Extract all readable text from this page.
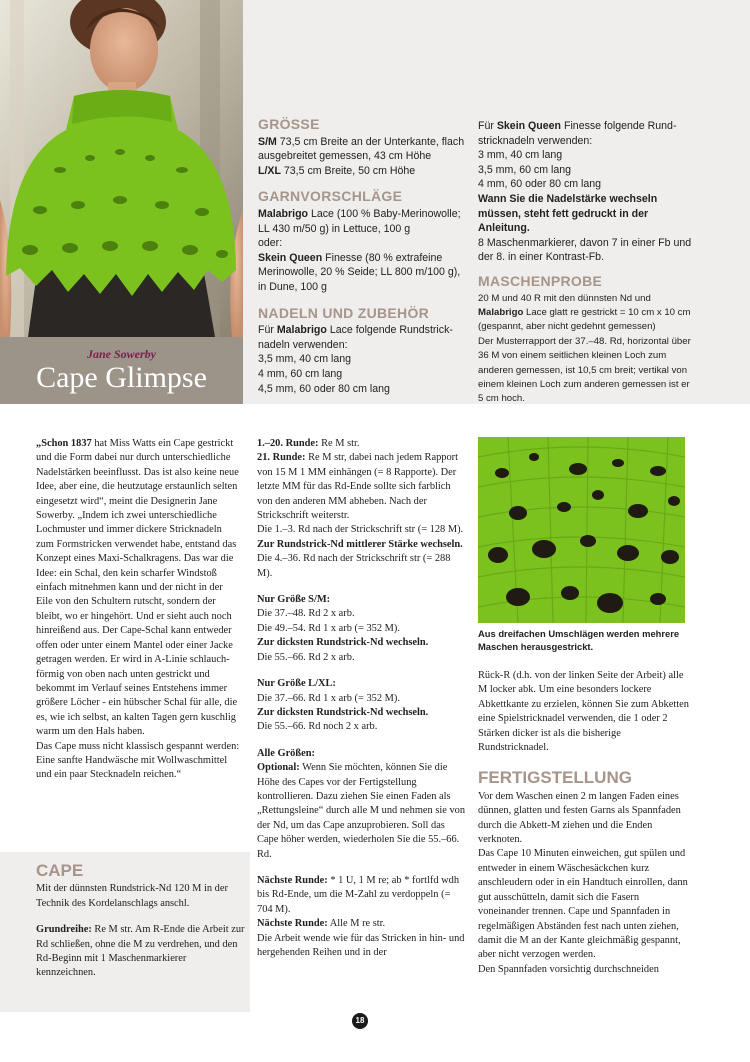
Jane Sowerby
Cape Glimpse
GRÖSSE

S/M 73,5 cm Breite an der Unterkante, flach ausgebreitet gemessen, 43 cm Höhe

L/XL 73,5 cm Breite, 50 cm Höhe

GARNVORSCHLÄGE

Malabrigo Lace (100 % Baby-Merinowolle; LL 430 m/50 g) in Lettuce, 100 g

oder:

Skein Queen Finesse (80 % extrafeine Merinowolle, 20 % Seide; LL 800 m/100 g), in Dune, 100 g

NADELN UND ZUBEHÖR

Für Malabrigo Lace folgende Rundstricknadeln verwenden:

3,5 mm, 40 cm lang

4 mm, 60 cm lang

4,5 mm, 60 oder 80 cm lang

Für Skein Queen Finesse folgende Rundstricknadeln verwenden:

3 mm, 40 cm lang

3,5 mm, 60 cm lang

4 mm, 60 oder 80 cm lang

Wann Sie die Nadelstärke wechseln müssen, steht fett gedruckt in der Anleitung.

8 Maschenmarkierer, davon 7 in einer Fb und der 8. in einer Kontrast-Fb.

MASCHENPROBE

20 M und 40 R mit den dünnsten Nd und

Malabrigo Lace glatt re gestrickt = 10 cm x 10 cm (gespannt, aber nicht gedehnt gemessen)

Der Musterrapport der 37.–48. Rd, horizontal über 36 M von einem seitlichen kleinen Loch zum anderen gemessen, ist 10,5 cm breit; vertikal von einem kleinen Loch zum anderen gemessen ist er 5 cm hoch.

„Schon 1837 hat Miss Watts ein Cape gestrickt und die Form dabei nur durch unterschiedliche Nadelstärken beeinflusst. Das ist also keine neue Idee, aber eine, die heutzutage erstaunlich selten eingesetzt wird“, meint die Designerin Jane Sowerby. „Indem ich zwei unterschiedliche Lochmuster und immer dickere Stricknadeln zum Formstricken verwendet habe, entstand das Konzept eines Maxi-Schalkragens. Das war die Idee: ein Schal, den kein scharfer Windstoß einfach mitnehmen kann und der nicht in der Eile von den Schultern rutscht, sondern der bleibt, wo er hingehört. Und er sieht auch noch hinreißend aus. Der Cape-Schal kann entweder offen oder unter einem Mantel oder einer Jacke getragen werden. Er wird in A-Linie schlauchförmig von oben nach unten gestrickt und bekommt im Verlauf seines Entstehens immer größere Löcher - ein hübscher Schal für alle, die es, wie ich selbst, an kalten Tagen gern kuschlig warm um den Hals haben.

Das Cape muss nicht klassisch gespannt werden: Eine sanfte Handwäsche mit Wollwaschmittel und ein paar Stecknadeln reichen.“

CAPE

Mit der dünnsten Rundstrick-Nd 120 M in der Technik des Kordelanschlags anschl.

Grundreihe: Re M str. Am R-Ende die Arbeit zur Rd schließen, ohne die M zu verdrehen, und den Rd-Beginn mit 1 Maschenmarkierer kennzeichnen.

1.–20. Runde: Re M str.

21. Runde: Re M str, dabei nach jedem Rapport von 15 M 1 MM einhängen (= 8 Rapporte). Der letzte MM für das Rd-Ende sollte sich farblich von den anderen MM abheben. Nach der Strickschrift weiterstr.

Die 1.–3. Rd nach der Strickschrift str (= 128 M).

Zur Rundstrick-Nd mittlerer Stärke wechseln.

Die 4.–36. Rd nach der Strickschrift str (= 288 M).

Nur Größe S/M:

Die 37.–48. Rd 2 x arb.

Die 49.–54. Rd 1 x arb (= 352 M).

Zur dicksten Rundstrick-Nd wechseln.

Die 55.–66. Rd 2 x arb.

Nur Größe L/XL:

Die 37.–66. Rd 1 x arb (= 352 M).

Zur dicksten Rundstrick-Nd wechseln.

Die 55.–66. Rd noch 2 x arb.

Alle Größen:

Optional: Wenn Sie möchten, können Sie die Höhe des Capes vor der Fertigstellung kontrollieren. Dazu ziehen Sie einen Faden als „Rettungsleine“ durch alle M und nehmen sie von der Nd, um das Cape anzuprobieren. Soll das Cape höher werden, wiederholen Sie die 55.–66. Rd.

Nächste Runde: * 1 U, 1 M re; ab * fortlfd wdh bis Rd-Ende, um die M-Zahl zu verdoppeln (= 704 M).

Nächste Runde: Alle M re str.

Die Arbeit wende wie für das Stricken in hin- und hergehenden Reihen und in der

Aus dreifachen Umschlägen werden mehrere Maschen herausgestrickt.

Rück-R (d.h. von der linken Seite der Arbeit) alle M locker abk. Um eine besonders lockere Abkettkante zu erzielen, können Sie zum Abketten eine Spielstricknadel verwenden, die 1 oder 2 Stärken dicker ist als die bisherige Rundstricknadel.

FERTIGSTELLUNG

Vor dem Waschen einen 2 m langen Faden eines dünnen, glatten und festen Garns als Spannfaden durch die Abkett-M ziehen und die Enden verknoten.

Das Cape 10 Minuten einweichen, gut spülen und entweder in einem Wäschesäckchen kurz anschleudern oder in ein Handtuch einrollen, dann gut ausschütteln, damit sich die Fasern voneinander trennen. Cape und Spannfaden in regelmäßigen Abständen fest nach unten ziehen, damit die M an der Kante gleichmäßig gespannt, aber nicht verzogen werden.

Den Spannfaden vorsichtig durchschneiden

18
